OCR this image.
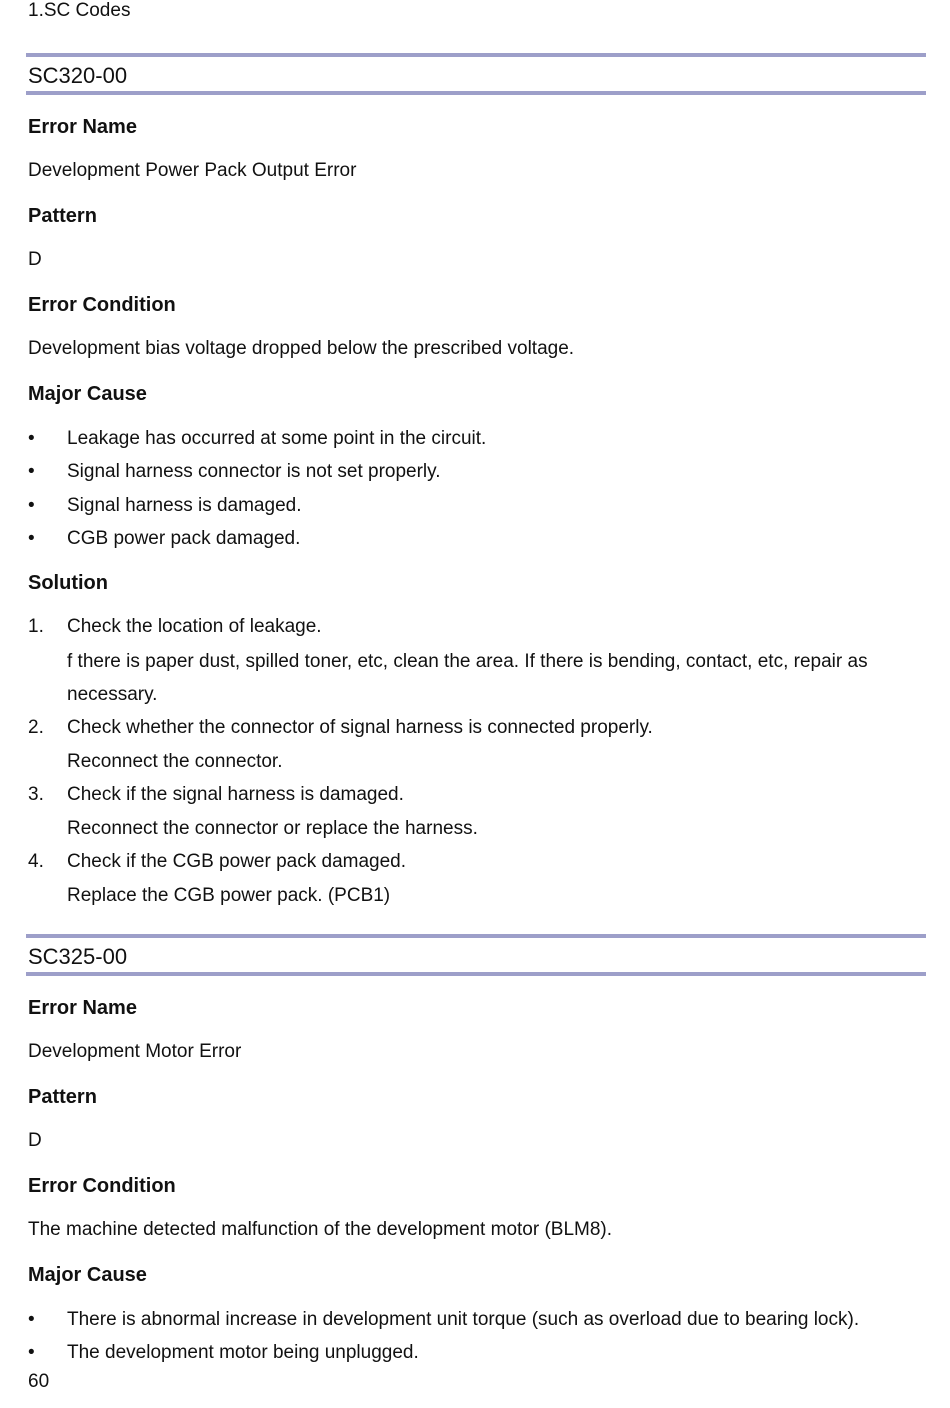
1.SC Codes
SC320-00
Error Name
Development Power Pack Output Error
Pattern
D
Error Condition
Development bias voltage dropped below the prescribed voltage.
Major Cause
• Leakage has occurred at some point in the circuit.
• Signal harness connector is not set properly.
• Signal harness is damaged.
• CGB power pack damaged.
Solution
1. Check the location of leakage.
f there is paper dust, spilled toner, etc, clean the area. If there is bending, contact, etc, repair as necessary.
2. Check whether the connector of signal harness is connected properly.
Reconnect the connector.
3. Check if the signal harness is damaged.
Reconnect the connector or replace the harness.
4. Check if the CGB power pack damaged.
Replace the CGB power pack. (PCB1)
SC325-00
Error Name
Development Motor Error
Pattern
D
Error Condition
The machine detected malfunction of the development motor (BLM8).
Major Cause
• There is abnormal increase in development unit torque (such as overload due to bearing lock).
• The development motor being unplugged.
60
